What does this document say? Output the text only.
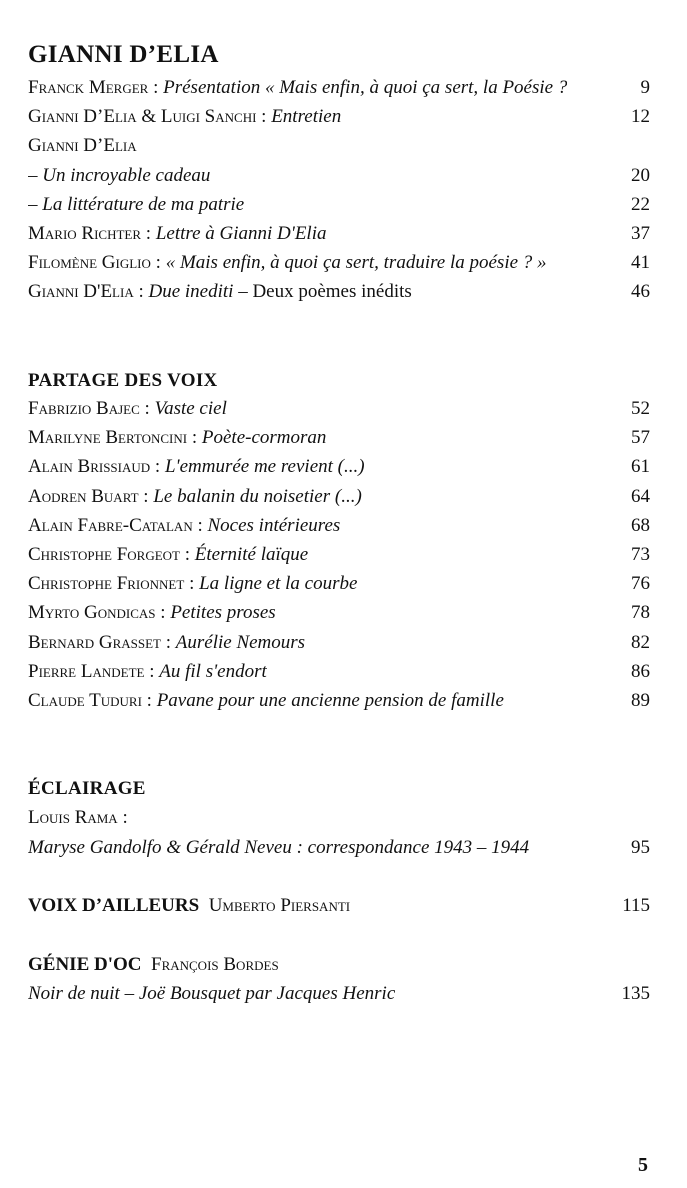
GIANNI D’ELIA
Franck Merger : Présentation « Mais enfin, à quoi ça sert, la Poésie ?	9
Gianni D’Elia & Luigi Sanchi : Entretien	12
Gianni D’Elia
– Un incroyable cadeau	20
– La littérature de ma patrie	22
Mario Richter : Lettre à Gianni D'Elia	37
Filomène Giglio : « Mais enfin, à quoi ça sert, traduire la poésie ? »	41
Gianni D'Elia : Due inediti – Deux poèmes inédits	46
PARTAGE DES VOIX
Fabrizio Bajec : Vaste ciel	52
Marilyne Bertoncini : Poète-cormoran	57
Alain Brissiaud : L'emmurée me revient (...)	61
Aodren Buart : Le balanin du noisetier (...)	64
Alain Fabre-Catalan : Noces intérieures	68
Christophe Forgeot : Éternité laïque	73
Christophe Frionnet : La ligne et la courbe	76
Myrto Gondicas : Petites proses	78
Bernard Grasset : Aurélie Nemours	82
Pierre Landete : Au fil s'endort	86
Claude Tuduri : Pavane pour une ancienne pension de famille	89
ÉCLAIRAGE
Louis Rama :
Maryse Gandolfo & Gérald Neveu : correspondance 1943 – 1944	95
VOIX D’AILLEURS Umberto Piersanti	115
GÉNIE D'OC François Bordes
Noir de nuit – Joë Bousquet par Jacques Henric	135
5
